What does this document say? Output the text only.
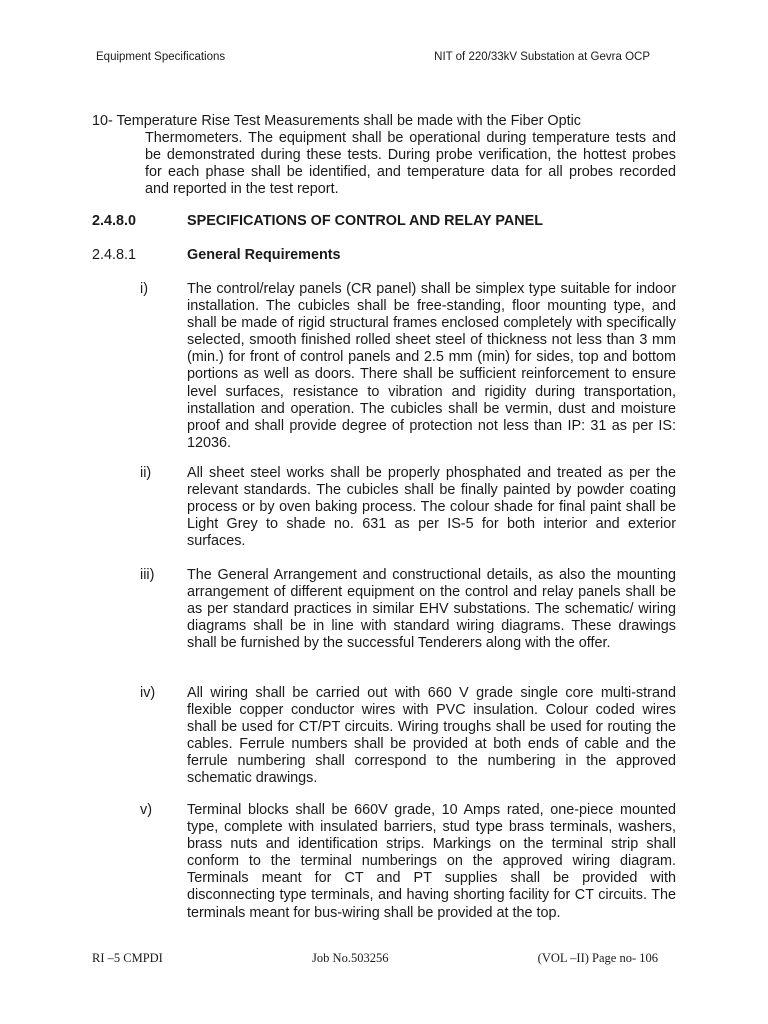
Equipment Specifications	NIT of 220/33kV Substation at Gevra OCP
10- Temperature Rise Test Measurements shall be made with the Fiber Optic
Thermometers. The equipment shall be operational during temperature tests and be demonstrated during these tests. During probe verification, the hottest probes for each phase shall be identified, and temperature data for all probes recorded and reported in the test report.
2.4.8.0	SPECIFICATIONS OF CONTROL AND RELAY PANEL
2.4.8.1	General Requirements
i)	The control/relay panels (CR panel) shall be simplex type suitable for indoor installation. The cubicles shall be free-standing, floor mounting type, and shall be made of rigid structural frames enclosed completely with specifically selected, smooth finished rolled sheet steel of thickness not less than 3 mm (min.) for front of control panels and 2.5 mm (min) for sides, top and bottom portions as well as doors. There shall be sufficient reinforcement to ensure level surfaces, resistance to vibration and rigidity during transportation, installation and operation. The cubicles shall be vermin, dust and moisture proof and shall provide degree of protection not less than IP: 31 as per IS: 12036.
ii)	All sheet steel works shall be properly phosphated and treated as per the relevant standards. The cubicles shall be finally painted by powder coating process or by oven baking process. The colour shade for final paint shall be Light Grey to shade no. 631 as per IS-5 for both interior and exterior surfaces.
iii)	The General Arrangement and constructional details, as also the mounting arrangement of different equipment on the control and relay panels shall be as per standard practices in similar EHV substations. The schematic/ wiring diagrams shall be in line with standard wiring diagrams. These drawings shall be furnished by the successful Tenderers along with the offer.
iv)	All wiring shall be carried out with 660 V grade single core multi-strand flexible copper conductor wires with PVC insulation. Colour coded wires shall be used for CT/PT circuits. Wiring troughs shall be used for routing the cables. Ferrule numbers shall be provided at both ends of cable and the ferrule numbering shall correspond to the numbering in the approved schematic drawings.
v)	Terminal blocks shall be 660V grade, 10 Amps rated, one-piece mounted type, complete with insulated barriers, stud type brass terminals, washers, brass nuts and identification strips. Markings on the terminal strip shall conform to the terminal numberings on the approved wiring diagram. Terminals meant for CT and PT supplies shall be provided with disconnecting type terminals, and having shorting facility for CT circuits. The terminals meant for bus-wiring shall be provided at the top.
RI –5 CMPDI	Job No.503256	(VOL –II) Page no- 106
